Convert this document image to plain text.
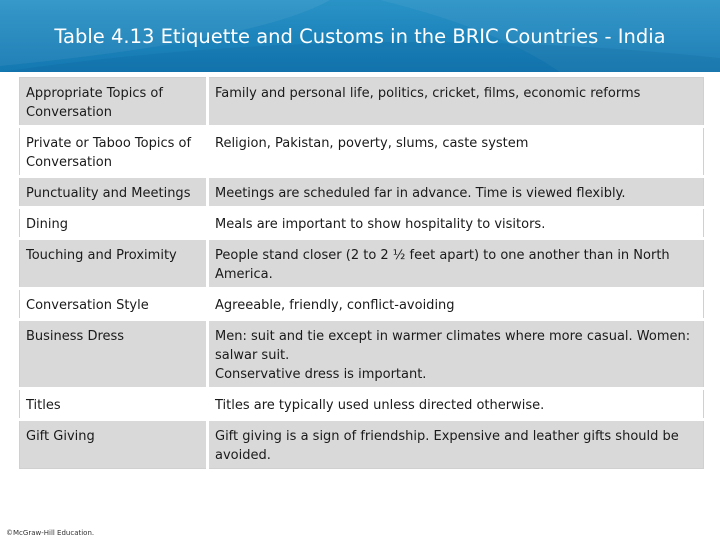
Table 4.13 Etiquette and Customs in the BRIC Countries - India
Appropriate Topics of Conversation	Family and personal life, politics, cricket, films, economic reforms
Private or Taboo Topics of Conversation	Religion, Pakistan, poverty, slums, caste system
Punctuality and Meetings	Meetings are scheduled far in advance. Time is viewed flexibly.
Dining	Meals are important to show hospitality to visitors.
Touching and Proximity	People stand closer (2 to 2 ½ feet apart) to one another than in North America.
Conversation Style	Agreeable, friendly, conflict-avoiding
Business Dress	Men: suit and tie except in warmer climates where more casual. Women: salwar suit.
Conservative dress is important.
Titles	Titles are typically used unless directed otherwise.
Gift Giving	Gift giving is a sign of friendship. Expensive and leather gifts should be avoided.
©McGraw-Hill Education.
